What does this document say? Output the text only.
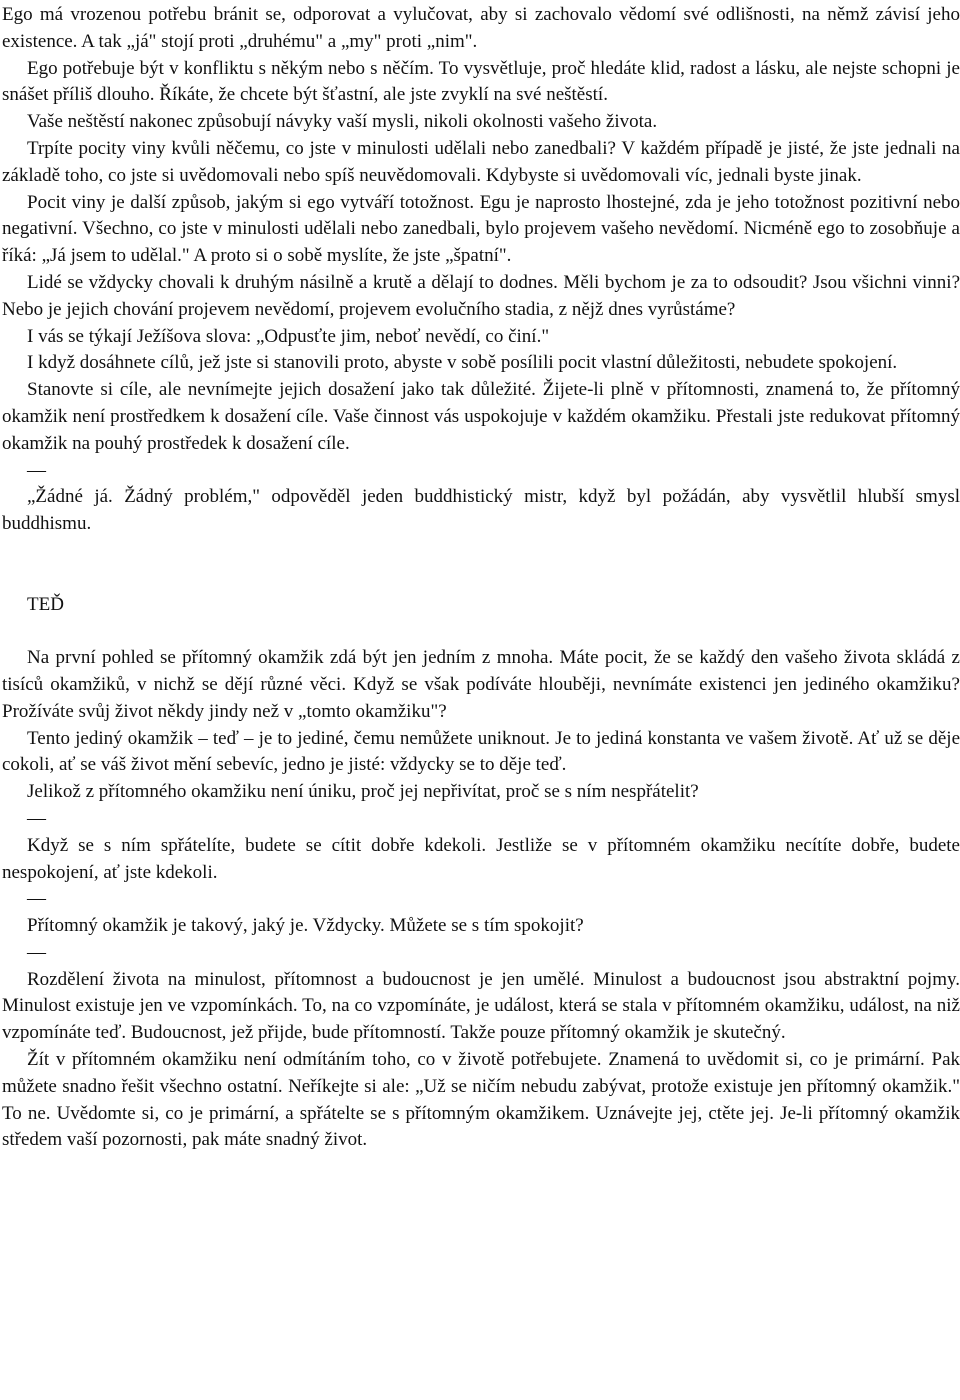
Ego má vrozenou potřebu bránit se, odporovat a vylučovat, aby si zachovalo vědomí své odlišnosti, na němž závisí jeho existence. A tak „já" stojí proti „druhému" a „my" proti „nim".

Ego potřebuje být v konfliktu s někým nebo s něčím. To vysvětluje, proč hledáte klid, radost a lásku, ale nejste schopni je snášet příliš dlouho. Říkáte, že chcete být šťastní, ale jste zvyklí na své neštěstí.

Vaše neštěstí nakonec způsobují návyky vaší mysli, nikoli okolnosti vašeho života.

Trpíte pocity viny kvůli něčemu, co jste v minulosti udělali nebo zanedbali? V každém případě je jisté, že jste jednali na základě toho, co jste si uvědomovali nebo spíš neuvědomovali. Kdybyste si uvědomovali víc, jednali byste jinak.

Pocit viny je další způsob, jakým si ego vytváří totožnost. Egu je naprosto lhostejné, zda je jeho totožnost pozitivní nebo negativní. Všechno, co jste v minulosti udělali nebo zanedbali, bylo projevem vašeho nevědomí. Nicméně ego to zosobňuje a říká: „Já jsem to udělal." A proto si o sobě myslíte, že jste „špatní".

Lidé se vždycky chovali k druhým násilně a krutě a dělají to dodnes. Měli bychom je za to odsoudit? Jsou všichni vinni? Nebo je jejich chování projevem nevědomí, projevem evolučního stadia, z nějž dnes vyrůstáme?

I vás se týkají Ježíšova slova: „Odpusťte jim, neboť nevědí, co činí."

I když dosáhnete cílů, jež jste si stanovili proto, abyste v sobě posílili pocit vlastní důležitosti, nebudete spokojení.

Stanovte si cíle, ale nevnímejte jejich dosažení jako tak důležité. Žijete-li plně v přítomnosti, znamená to, že přítomný okamžik není prostředkem k dosažení cíle. Vaše činnost vás uspokojuje v každém okamžiku. Přestali jste redukovat přítomný okamžik na pouhý prostředek k dosažení cíle.

—

„Žádné já. Žádný problém," odpověděl jeden buddhistický mistr, když byl požádán, aby vysvětlil hlubší smysl buddhismu.

TEĎ

Na první pohled se přítomný okamžik zdá být jen jedním z mnoha. Máte pocit, že se každý den vašeho života skládá z tisíců okamžiků, v nichž se dějí různé věci. Když se však podíváte hlouběji, nevnímáte existenci jen jediného okamžiku? Prožíváte svůj život někdy jindy než v „tomto okamžiku"?

Tento jediný okamžik – teď – je to jediné, čemu nemůžete uniknout. Je to jediná konstanta ve vašem životě. Ať už se děje cokoli, ať se váš život mění sebevíc, jedno je jisté: vždycky se to děje teď.

Jelikož z přítomného okamžiku není úniku, proč jej nepřivítat, proč se s ním nespřátelit?

—

Když se s ním spřátelíte, budete se cítit dobře kdekoli. Jestliže se v přítomném okamžiku necítíte dobře, budete nespokojení, ať jste kdekoli.

—

Přítomný okamžik je takový, jaký je. Vždycky. Můžete se s tím spokojit?

—

Rozdělení života na minulost, přítomnost a budoucnost je jen umělé. Minulost a budoucnost jsou abstraktní pojmy. Minulost existuje jen ve vzpomínkách. To, na co vzpomínáte, je událost, která se stala v přítomném okamžiku, událost, na niž vzpomínáte teď. Budoucnost, jež přijde, bude přítomností. Takže pouze přítomný okamžik je skutečný.

Žít v přítomném okamžiku není odmítáním toho, co v životě potřebujete. Znamená to uvědomit si, co je primární. Pak můžete snadno řešit všechno ostatní. Neříkejte si ale: „Už se ničím nebudu zabývat, protože existuje jen přítomný okamžik." To ne. Uvědomte si, co je primární, a spřátelte se s přítomným okamžikem. Uznávejte jej, ctěte jej. Je-li přítomný okamžik středem vaší pozornosti, pak máte snadný život.
